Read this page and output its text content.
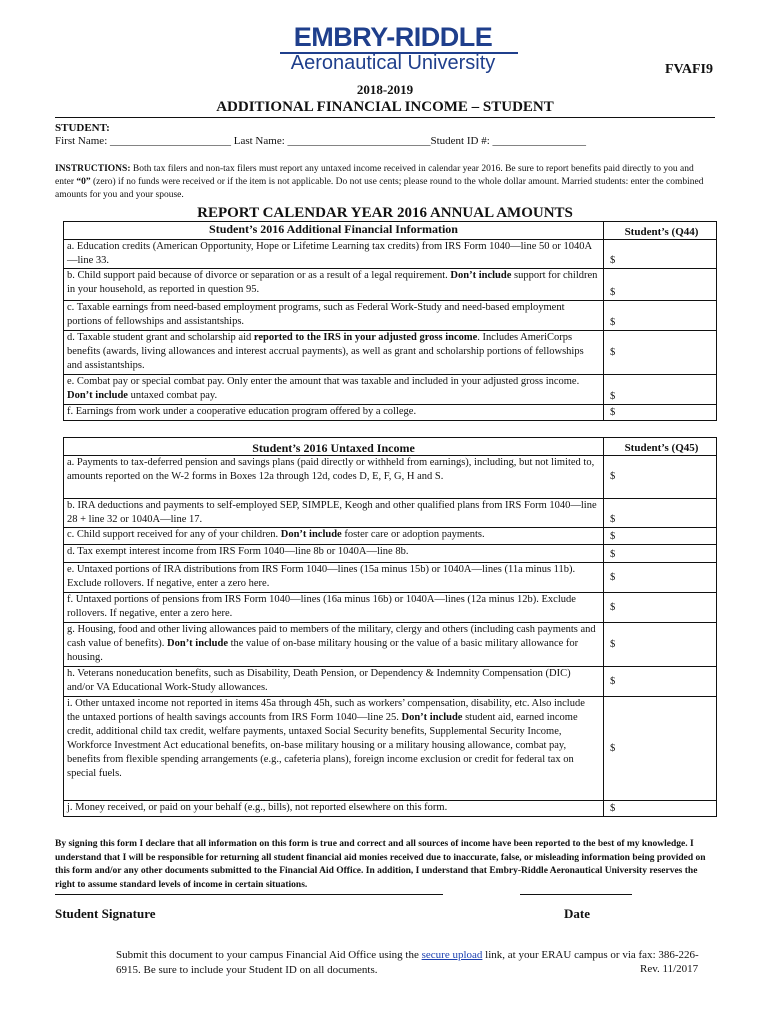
EMBRY-RIDDLE
Aeronautical University	FVAFI9
2018-2019
ADDITIONAL FINANCIAL INCOME – STUDENT
STUDENT:
First Name: ______________________ Last Name: __________________________Student ID #: _________________
INSTRUCTIONS: Both tax filers and non-tax filers must report any untaxed income received in calendar year 2016. Be sure to report benefits paid directly to you and enter “0” (zero) if no funds were received or if the item is not applicable. Do not use cents; please round to the whole dollar amount. Married students: enter the combined amounts for you and your spouse.
REPORT CALENDAR YEAR 2016 ANNUAL AMOUNTS
Student’s 2016 Additional Financial Information	Student’s (Q44)
a. Education credits (American Opportunity, Hope or Lifetime Learning tax credits) from IRS Form 1040—line 50 or 1040A—line 33.	$
b. Child support paid because of divorce or separation or as a result of a legal requirement. Don’t include support for children in your household, as reported in question 95.	$
c. Taxable earnings from need-based employment programs, such as Federal Work-Study and need-based employment portions of fellowships and assistantships.	$
d. Taxable student grant and scholarship aid reported to the IRS in your adjusted gross income. Includes AmeriCorps benefits (awards, living allowances and interest accrual payments), as well as grant and scholarship portions of fellowships and assistantships.	$
e. Combat pay or special combat pay. Only enter the amount that was taxable and included in your adjusted gross income. Don’t include untaxed combat pay.	$
f. Earnings from work under a cooperative education program offered by a college.	$
Student’s 2016 Untaxed Income	Student’s (Q45)
a. Payments to tax-deferred pension and savings plans (paid directly or withheld from earnings), including, but not limited to, amounts reported on the W-2 forms in Boxes 12a through 12d, codes D, E, F, G, H and S.	$
b. IRA deductions and payments to self-employed SEP, SIMPLE, Keogh and other qualified plans from IRS Form 1040—line 28 + line 32 or 1040A—line 17.	$
c. Child support received for any of your children. Don’t include foster care or adoption payments.	$
d. Tax exempt interest income from IRS Form 1040—line 8b or 1040A—line 8b.	$
e. Untaxed portions of IRA distributions from IRS Form 1040—lines (15a minus 15b) or 1040A—lines (11a minus 11b). Exclude rollovers. If negative, enter a zero here.	$
f. Untaxed portions of pensions from IRS Form 1040—lines (16a minus 16b) or 1040A—lines (12a minus 12b). Exclude rollovers. If negative, enter a zero here.	$
g. Housing, food and other living allowances paid to members of the military, clergy and others (including cash payments and cash value of benefits). Don’t include the value of on-base military housing or the value of a basic military allowance for housing.	$
h. Veterans noneducation benefits, such as Disability, Death Pension, or Dependency & Indemnity Compensation (DIC) and/or VA Educational Work-Study allowances.	$
i. Other untaxed income not reported in items 45a through 45h, such as workers’ compensation, disability, etc. Also include the untaxed portions of health savings accounts from IRS Form 1040—line 25. Don’t include student aid, earned income credit, additional child tax credit, welfare payments, untaxed Social Security benefits, Supplemental Security Income, Workforce Investment Act educational benefits, on-base military housing or a military housing allowance, combat pay, benefits from flexible spending arrangements (e.g., cafeteria plans), foreign income exclusion or credit for federal tax on special fuels.	$
j. Money received, or paid on your behalf (e.g., bills), not reported elsewhere on this form.	$
By signing this form I declare that all information on this form is true and correct and all sources of income have been reported to the best of my knowledge. I understand that I will be responsible for returning all student financial aid monies received due to inaccurate, false, or misleading information being provided on this form and/or any other documents submitted to the Financial Aid Office. In addition, I understand that Embry-Riddle Aeronautical University reserves the right to assume standard levels of income in certain situations.
Student Signature	Date
Submit this document to your campus Financial Aid Office using the secure upload link, at your ERAU campus or via fax: 386-226-6915. Be sure to include your Student ID on all documents.	Rev. 11/2017
